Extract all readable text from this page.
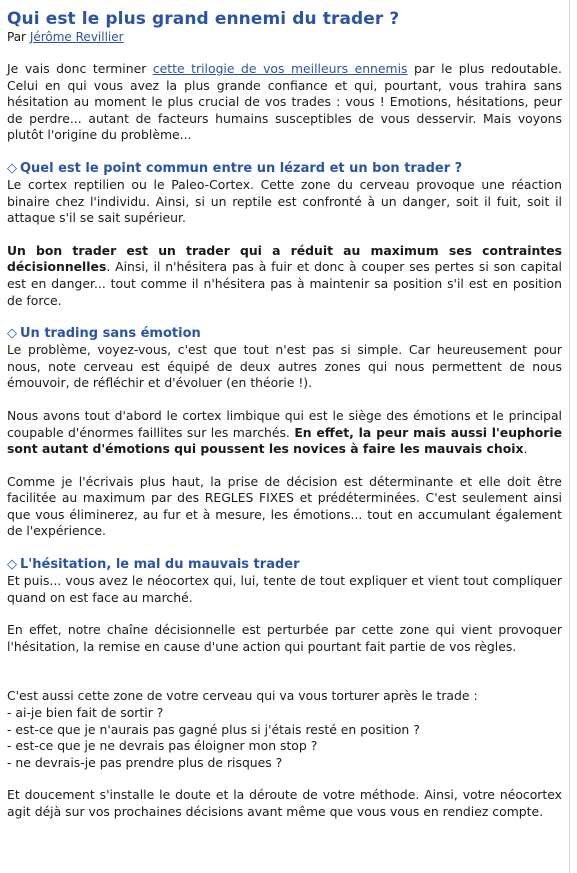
Qui est le plus grand ennemi du trader ?
Par Jérôme Revillier

Je vais donc terminer cette trilogie de vos meilleurs ennemis par le plus redoutable. Celui en qui vous avez la plus grande confiance et qui, pourtant, vous trahira sans hésitation au moment le plus crucial de vos trades : vous ! Emotions, hésitations, peur de perdre... autant de facteurs humains susceptibles de vous desservir. Mais voyons plutôt l'origine du problème...

◇ Quel est le point commun entre un lézard et un bon trader ?

Le cortex reptilien ou le Paleo-Cortex. Cette zone du cerveau provoque une réaction binaire chez l'individu. Ainsi, si un reptile est confronté à un danger, soit il fuit, soit il attaque s'il se sait supérieur.

Un bon trader est un trader qui a réduit au maximum ses contraintes décisionnelles. Ainsi, il n'hésitera pas à fuir et donc à couper ses pertes si son capital est en danger... tout comme il n'hésitera pas à maintenir sa position s'il est en position de force.

◇ Un trading sans émotion

Le problème, voyez-vous, c'est que tout n'est pas si simple. Car heureusement pour nous, note cerveau est équipé de deux autres zones qui nous permettent de nous émouvoir, de réfléchir et d'évoluer (en théorie !).

Nous avons tout d'abord le cortex limbique qui est le siège des émotions et le principal coupable d'énormes faillites sur les marchés. En effet, la peur mais aussi l'euphorie sont autant d'émotions qui poussent les novices à faire les mauvais choix.

Comme je l'écrivais plus haut, la prise de décision est déterminante et elle doit être facilitée au maximum par des REGLES FIXES et prédéterminées. C'est seulement ainsi que vous éliminerez, au fur et à mesure, les émotions... tout en accumulant également de l'expérience.

◇ L'hésitation, le mal du mauvais trader

Et puis... vous avez le néocortex qui, lui, tente de tout expliquer et vient tout compliquer quand on est face au marché.

En effet, notre chaîne décisionnelle est perturbée par cette zone qui vient provoquer l'hésitation, la remise en cause d'une action qui pourtant fait partie de vos règles.

C'est aussi cette zone de votre cerveau qui va vous torturer après le trade :

- ai-je bien fait de sortir ?

- est-ce que je n'aurais pas gagné plus si j'étais resté en position ?

- est-ce que je ne devrais pas éloigner mon stop ?

- ne devrais-je pas prendre plus de risques ?

Et doucement s'installe le doute et la déroute de votre méthode. Ainsi, votre néocortex agit déjà sur vos prochaines décisions avant même que vous vous en rendiez compte.
